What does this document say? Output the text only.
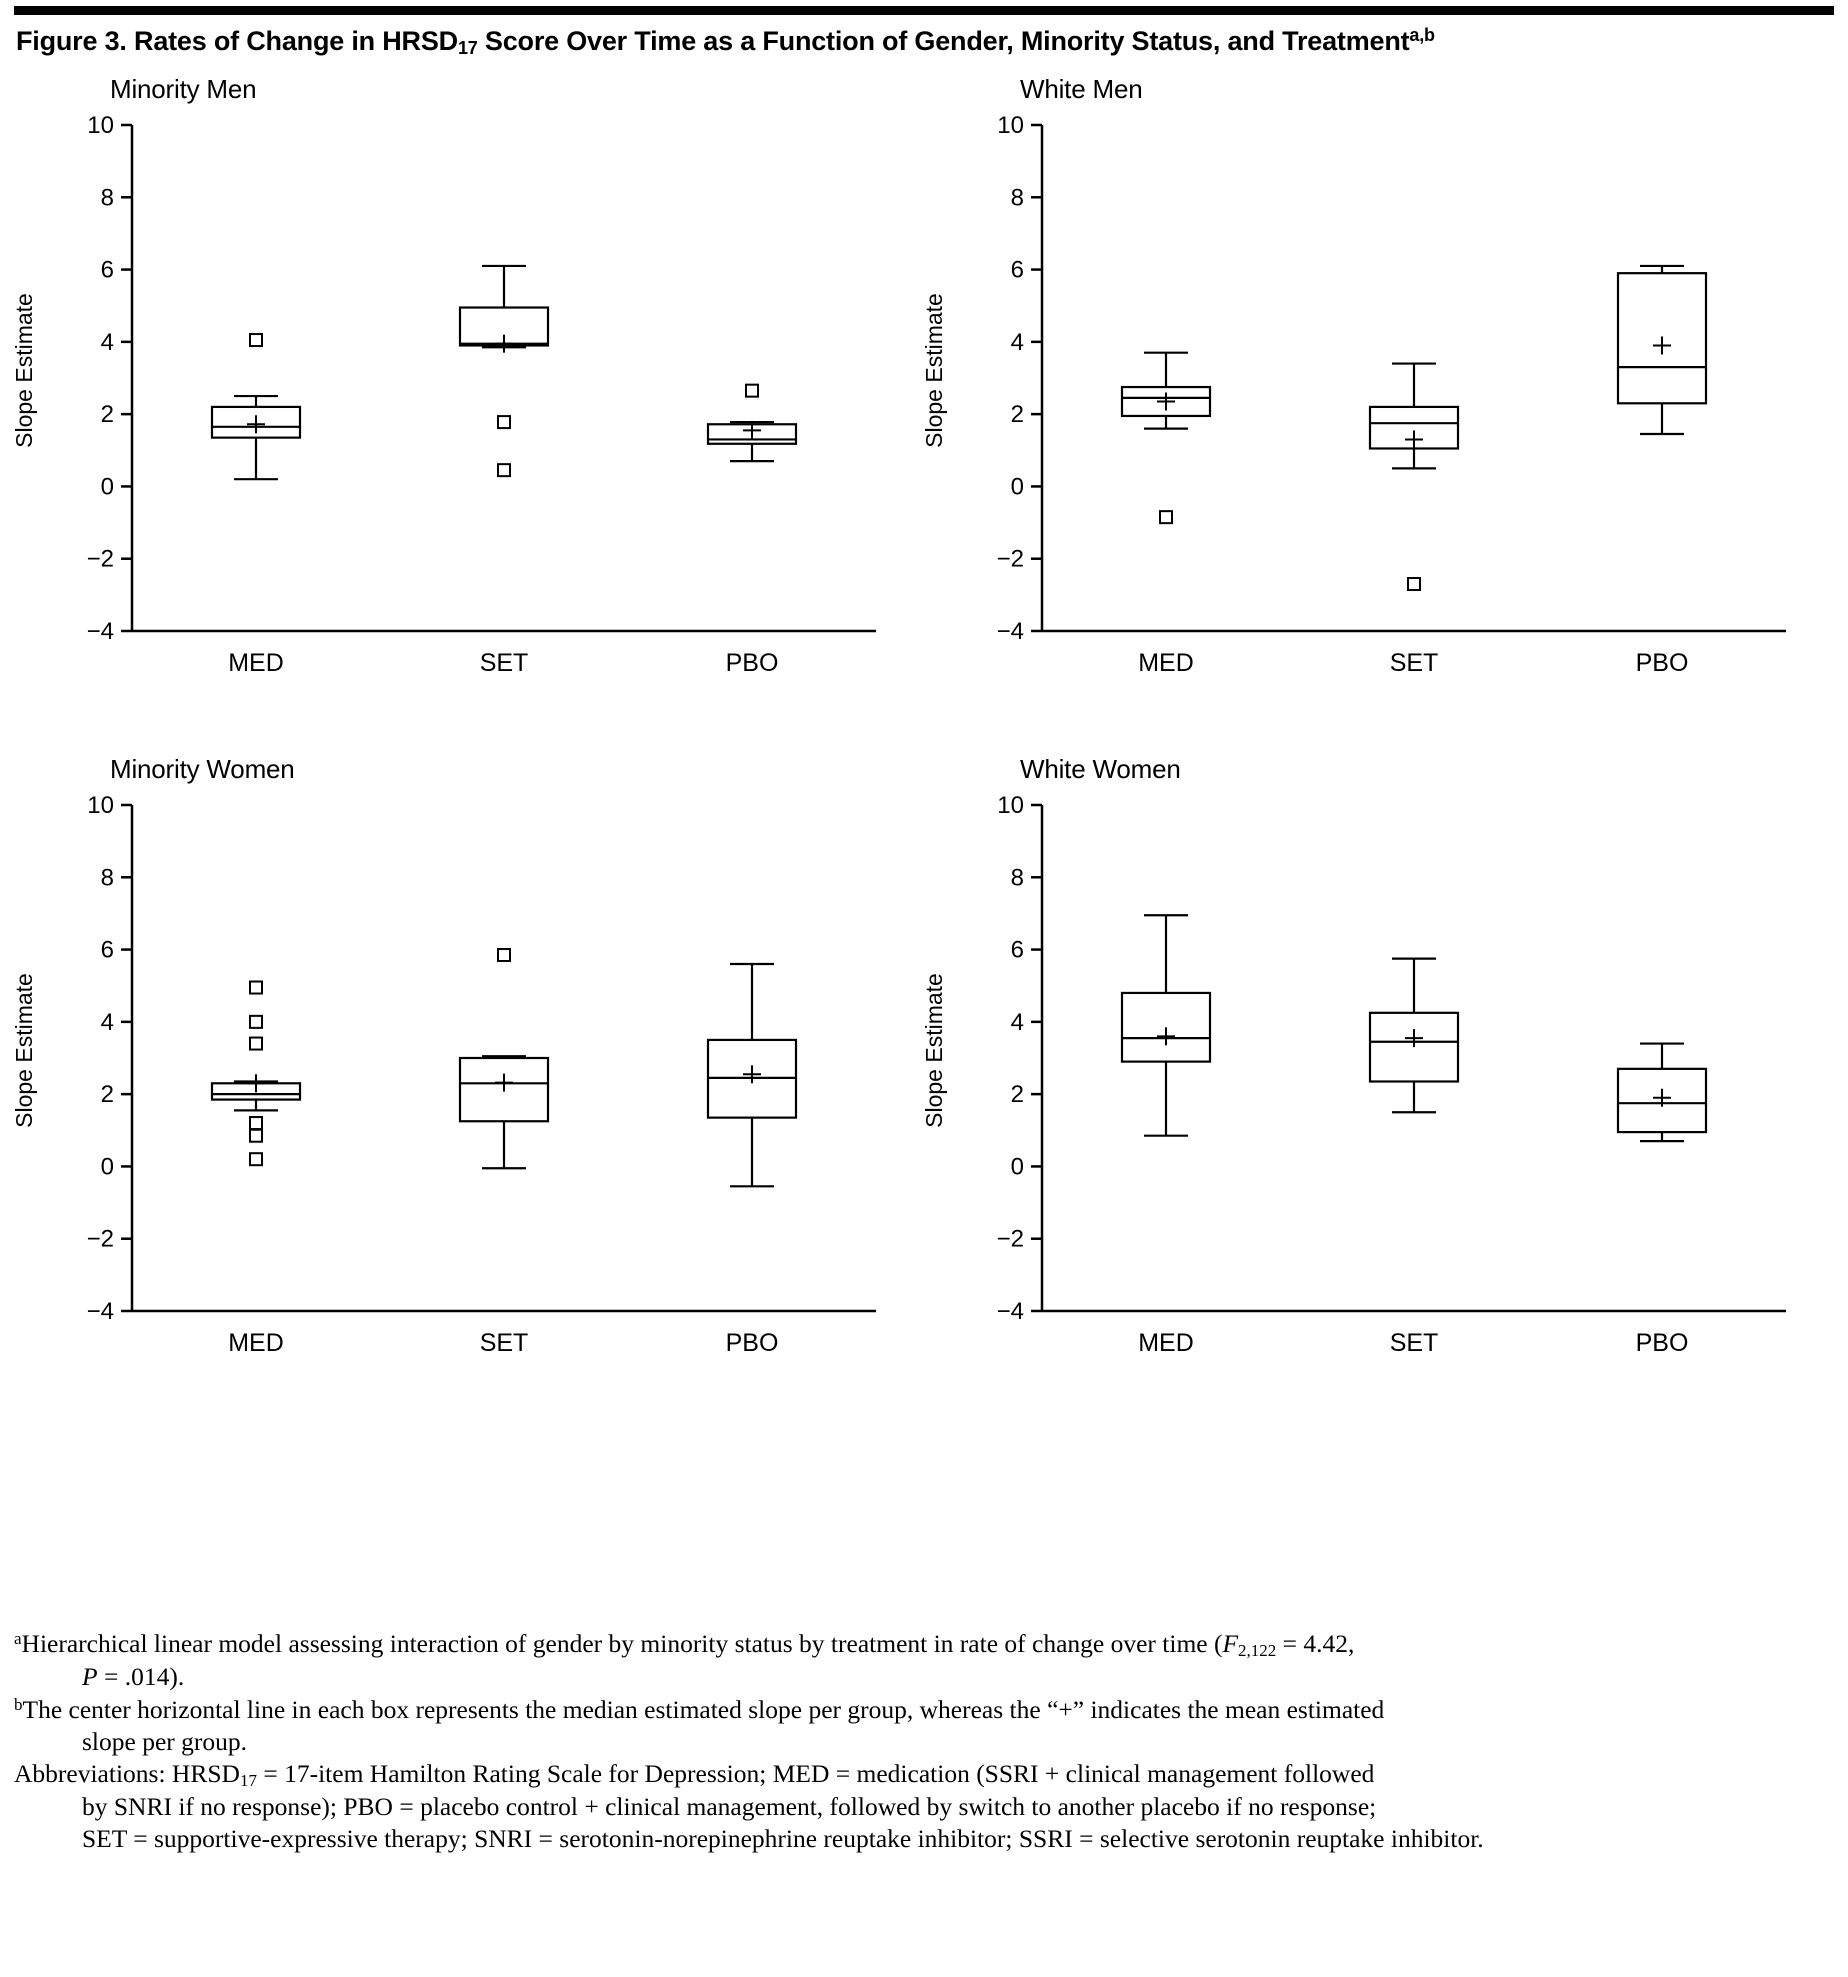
Figure 3. Rates of Change in $HRSD_{17}$ Score Over Time as a Function of Gender, Minority Status, and Treatment$^{a,b}$
Minority Men
Slope Estimate
−4
−2
0
2
4
6
8
10
MED	SET	PBO
White Men
Slope Estimate
−4
−2
0
2
4
6
8
10
MED	SET	PBO
Minority Women
Slope Estimate
−4
−2
0
2
4
6
8
10
MED	SET	PBO
White Women
Slope Estimate
−4
−2
0
2
4
6
8
10
MED	SET	PBO

$^a$Hierarchical linear model assessing interaction of gender by minority status by treatment in rate of change over time ($F_{2,122} = 4.42$,
P = .014).

$^b$The center horizontal line in each box represents the median estimated slope per group, whereas the “+” indicates the mean estimated
slope per group.

Abbreviations: $HRSD_{17}$ = 17-item Hamilton Rating Scale for Depression; MED = medication (SSRI + clinical management followed
by SNRI if no response); PBO = placebo control + clinical management, followed by switch to another placebo if no response;
SET = supportive-expressive therapy; SNRI = serotonin-norepinephrine reuptake inhibitor; SSRI = selective serotonin reuptake inhibitor.
